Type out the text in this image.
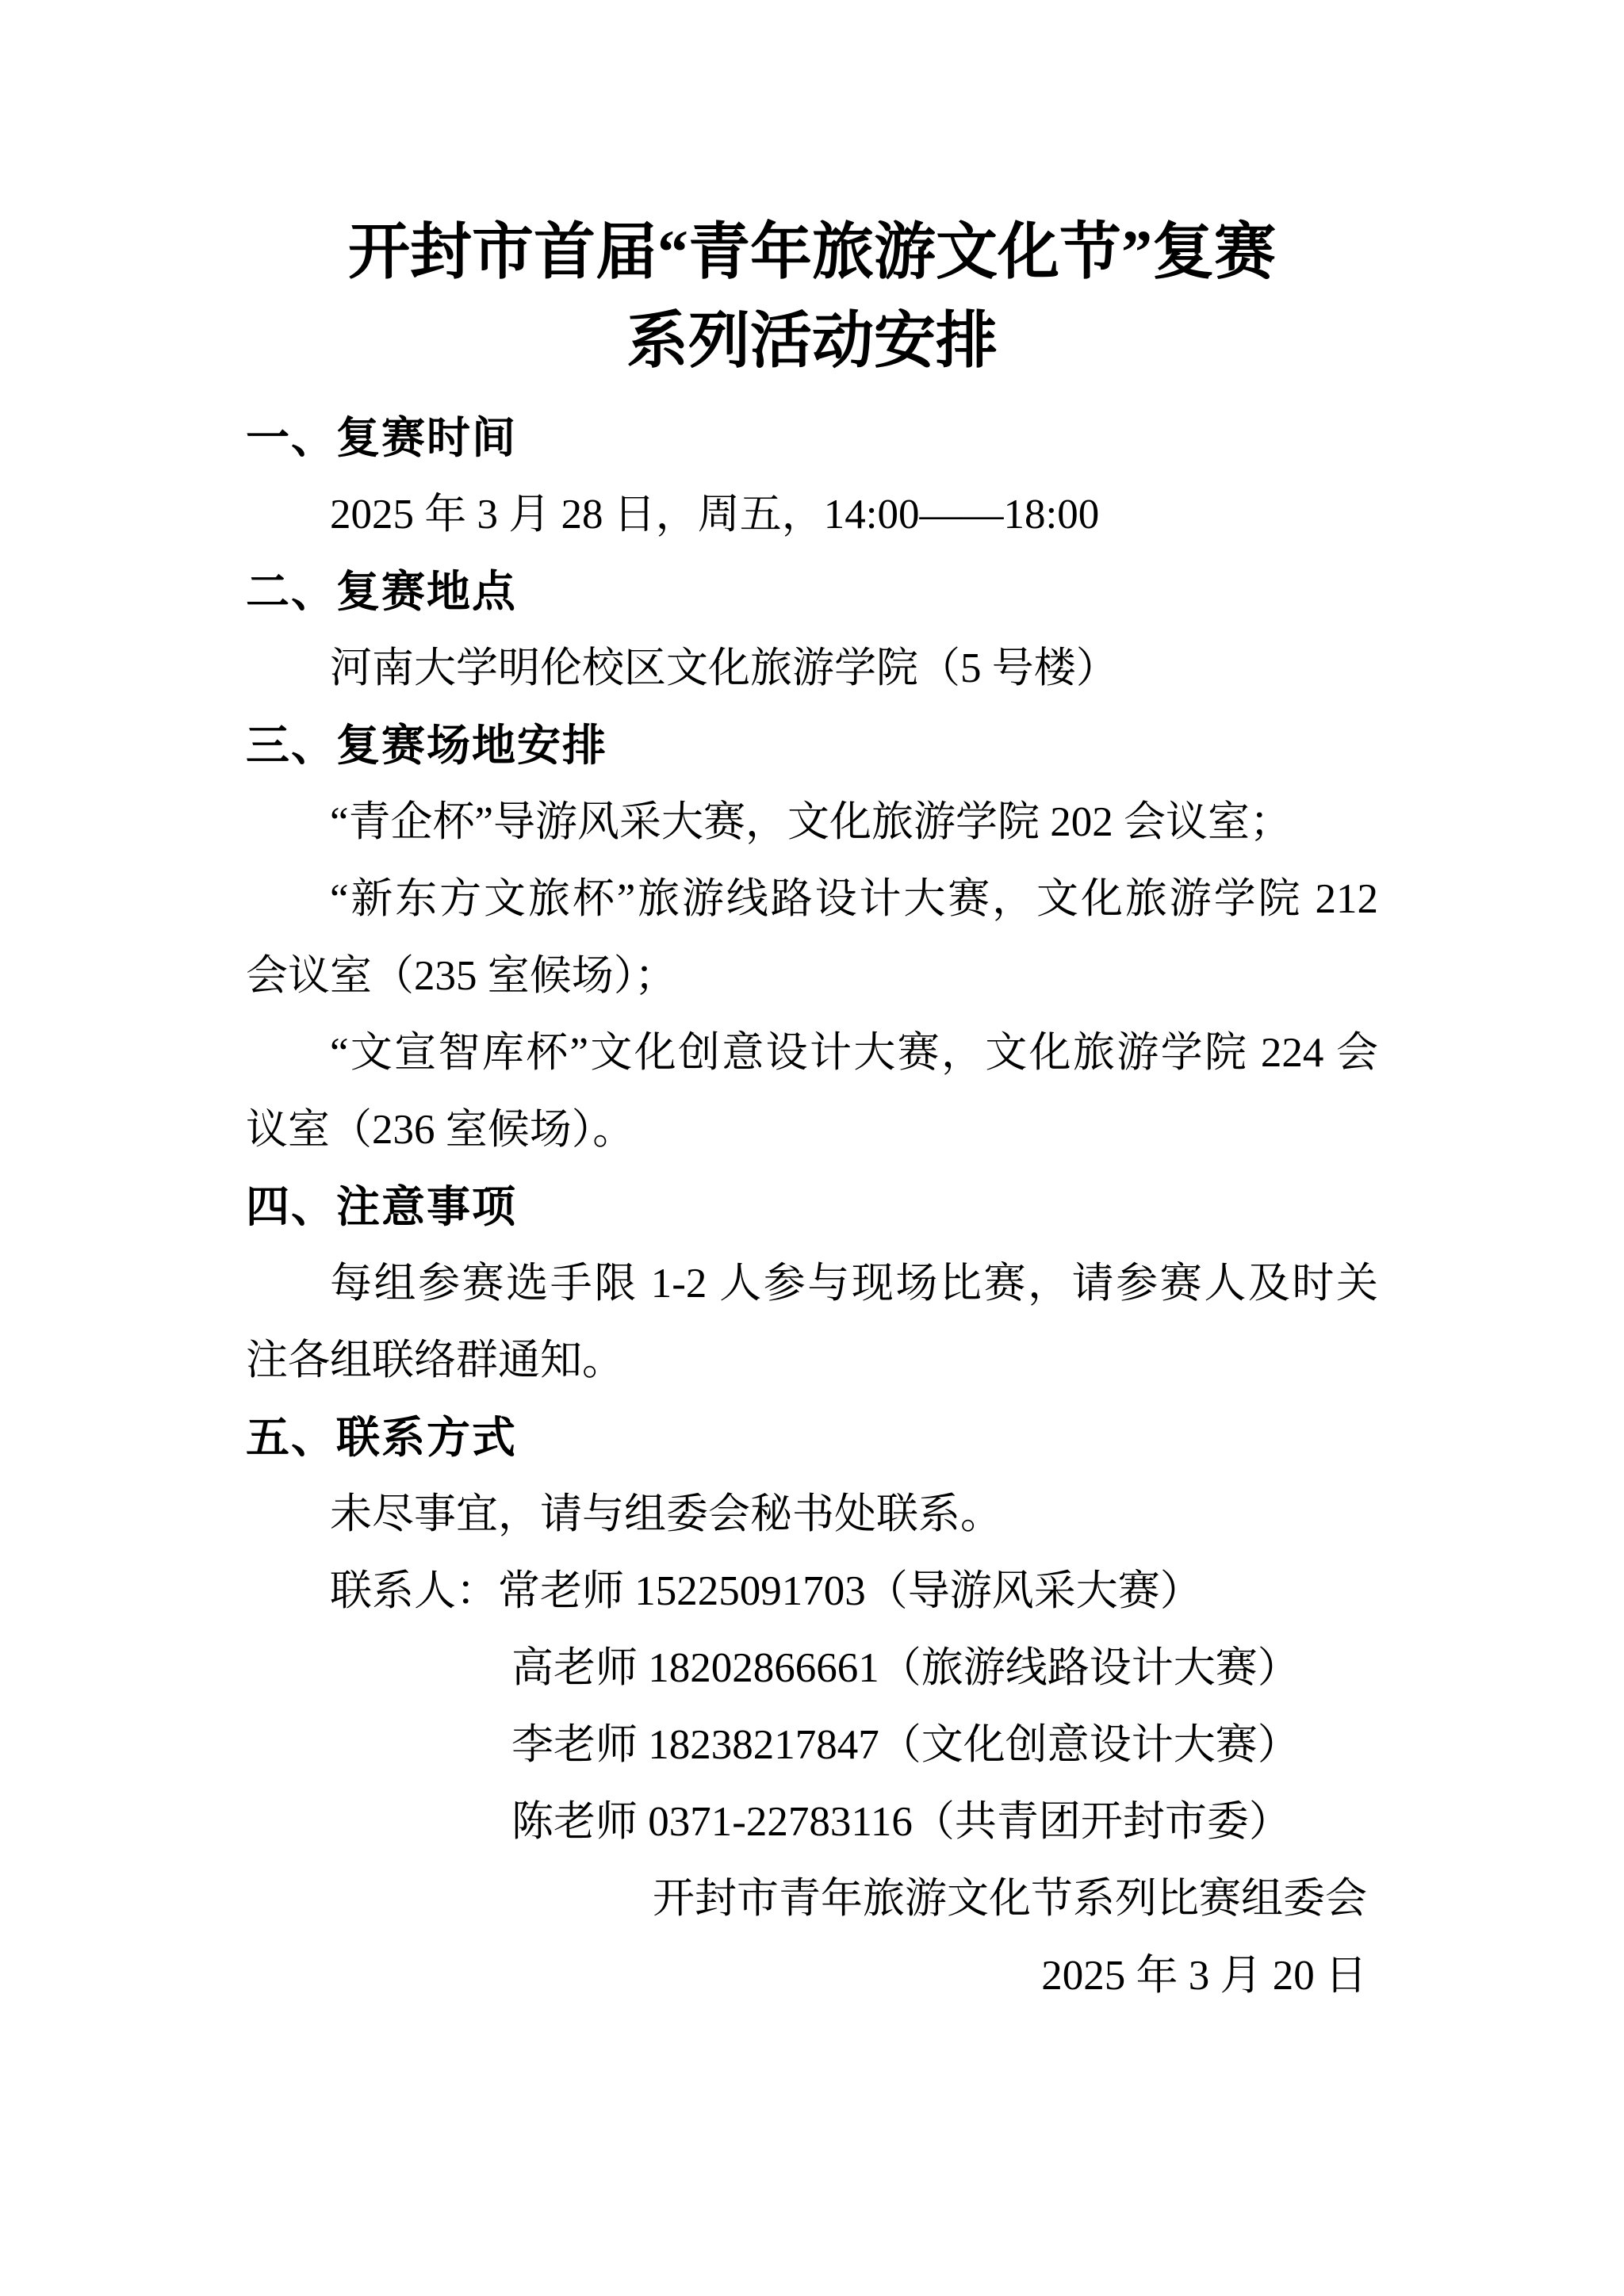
开封市首届“青年旅游文化节”复赛
系列活动安排
一、复赛时间
2025 年 3 月 28 日，周五，14:00——18:00
二、复赛地点
河南大学明伦校区文化旅游学院（5 号楼）
三、复赛场地安排
“青企杯”导游风采大赛，文化旅游学院 202 会议室；
“新东方文旅杯”旅游线路设计大赛，文化旅游学院 212
会议室（235 室候场）；
“文宣智库杯”文化创意设计大赛，文化旅游学院 224 会
议室（236 室候场）。
四、注意事项
每组参赛选手限 1-2 人参与现场比赛，请参赛人及时关
注各组联络群通知。
五、联系方式
未尽事宜，请与组委会秘书处联系。
联系人：常老师 15225091703（导游风采大赛）
高老师 18202866661（旅游线路设计大赛）
李老师 18238217847（文化创意设计大赛）
陈老师 0371-22783116（共青团开封市委）
开封市青年旅游文化节系列比赛组委会
2025 年 3 月 20 日
